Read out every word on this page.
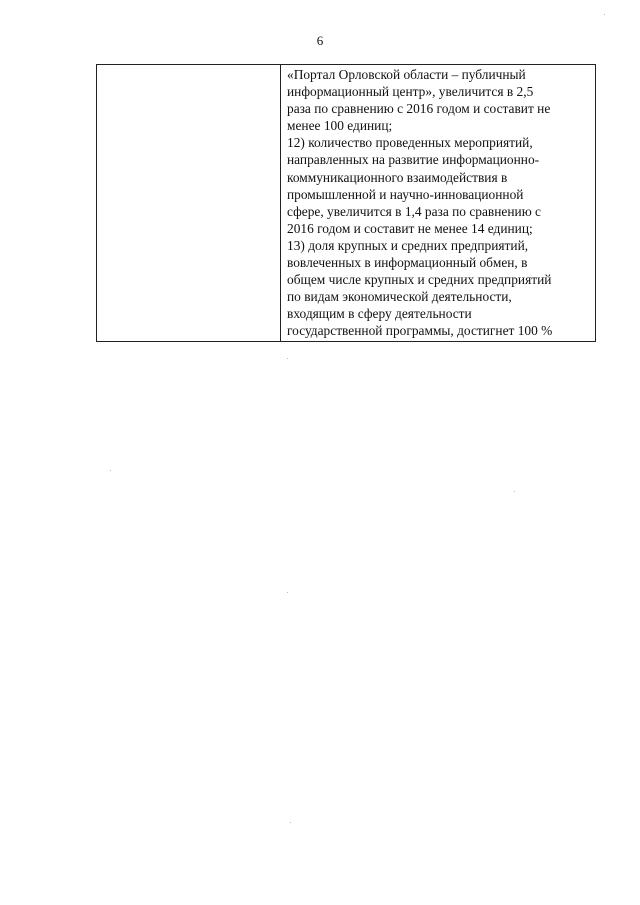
6
«Портал Орловской области – публичный
информационный центр», увеличится в 2,5
раза по сравнению с 2016 годом и составит не
менее 100 единиц;
12) количество проведенных мероприятий,
направленных на развитие информационно-
коммуникационного взаимодействия в
промышленной и научно-инновационной
сфере, увеличится в 1,4 раза по сравнению с
2016 годом и составит не менее 14 единиц;
13) доля крупных и средних предприятий,
вовлеченных в информационный обмен, в
общем числе крупных и средних предприятий
по видам экономической деятельности,
входящим в сферу деятельности
государственной программы, достигнет 100 %
